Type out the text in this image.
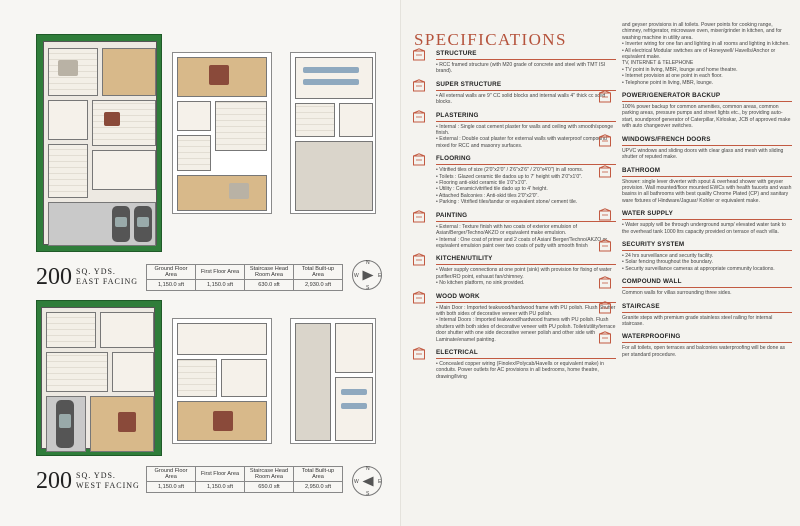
200 SQ. YDS.
EAST FACING
Ground Floor Area	First Floor Area	Staircase Head Room Area	Total Built-up Area
1,150.0 sft	1,150.0 sft	630.0 sft	2,930.0 sft
N
S
W	E
200 SQ. YDS.
WEST FACING
Ground Floor Area	First Floor Area	Staircase Head Room Area	Total Built-up Area
1,150.0 sft	1,150.0 sft	650.0 sft	2,950.0 sft
N
S
W	E
SPECIFICATIONS
STRUCTURE

• RCC framed structure (with M20 grade of concrete and steel with TMT ISI brand).

SUPER STRUCTURE

• All external walls are 9" CC solid blocks and internal walls 4" thick cc solid blocks.

PLASTERING

• Internal : Single coat cement plaster for walls and ceiling with smooth/sponge finish.

• External : Double coat plaster for external walls with waterproof compound mixed for RCC and masonry surfaces.

FLOORING

• Vitrified tiles of size (2'0"x2'0" / 2'6"x2'6" / 2'0"x4'0") in all rooms.

• Toilets : Glazed ceramic tile dados up to 7' height with 2'0"x1'0".

• Flooring anti-skid ceramic tile 1'0"x1'0".

• Utility : Ceramic/vitrified tile dado up to 4' height.

• Attached Balconies : Anti-skid tiles 2'0"x2'0".

• Parking : Vitrified tiles/tandur or equivalent stone/ cement tile.

PAINTING

• External : Texture finish with two coats of exterior emulsion of Asian/Berger/Techno/AKZO or equivalent make emulsion.

• Internal : One coat of primer and 2 coats of Asian/ Berger/Techno/AKZO or equivalent emulsion paint over two coats of putty with smooth finish

KITCHEN/UTILITY

• Water supply connections at one point (sink) with provision for fixing of water purifier/RO point, exhaust fan/chimney.

• No kitchen platform, no sink provided.

WOOD WORK

• Main Door : Imported teakwood/hardwood frame with PU polish. Flush Shutter with both sides of decorative veneer with PU polish.

• Internal Doors : Imported teakwood/hardwood frames with PU polish. Flush shutters with both sides of decorative veneer with PU polish. Toilet/utility/terrace door shutter with one side decorative veneer polish and other side with Laminate/enamel painting.

ELECTRICAL

• Concealed copper wiring (Finolex/Polycab/Havells or equivalent make) in conduits. Power outlets for AC provisions in all bedrooms, home theatre, drawing/living

and geyser provisions in all toilets. Power points for cooking range, chimney, refrigerator, microwave oven, mixer/grinder in kitchen, and for washing machine in utility area.
• Inverter wiring for one fan and lighting in all rooms and lighting in kitchen.
• All electrical Modular switches are of Honeywell/ Havells/Anchor or equivalent make.
TV, INTERNET & TELEPHONE
• TV point in living, MBR, lounge and home theatre.
• Internet provision at one point in each floor.
• Telephone point in living, MBR, lounge.

POWER/GENERATOR BACKUP

100% power backup for common amenities, common areas, common parking areas, pressure pumps and street lights etc., by providing auto-start, soundproof generator of Caterpillar, Kirloskar, JCB of approved make with auto changeover switches.

WINDOWS/FRENCH DOORS

UPVC windows and sliding doors with clear glass and mesh with sliding shutter of reputed make.

BATHROOM

Shower: single lever diverter with spout & overhead shower with geyser provision. Wall mounted/floor mounted EWCs with health faucets and wash basins in all bathrooms with best quality Chrome Plated (CP) and sanitary ware fixtures of Hindware/Jaguar/ Kohler or equivalent make.

WATER SUPPLY

• Water supply will be through underground sump/ elevated water tank to the overhead tank 1000 ltrs capacity provided on terrace of each villa.

SECURITY SYSTEM

• 24 hrs surveillance and security facility.

• Solar fencing throughout the boundary.

• Security surveillance cameras at appropriate community locations.

COMPOUND WALL

Common walls for villas surrounding three sides.

STAIRCASE

Granite steps with premium grade stainless steel railing for internal staircase.

WATERPROOFING

For all toilets, open terraces and balconies waterproofing will be done as per standard procedure.
